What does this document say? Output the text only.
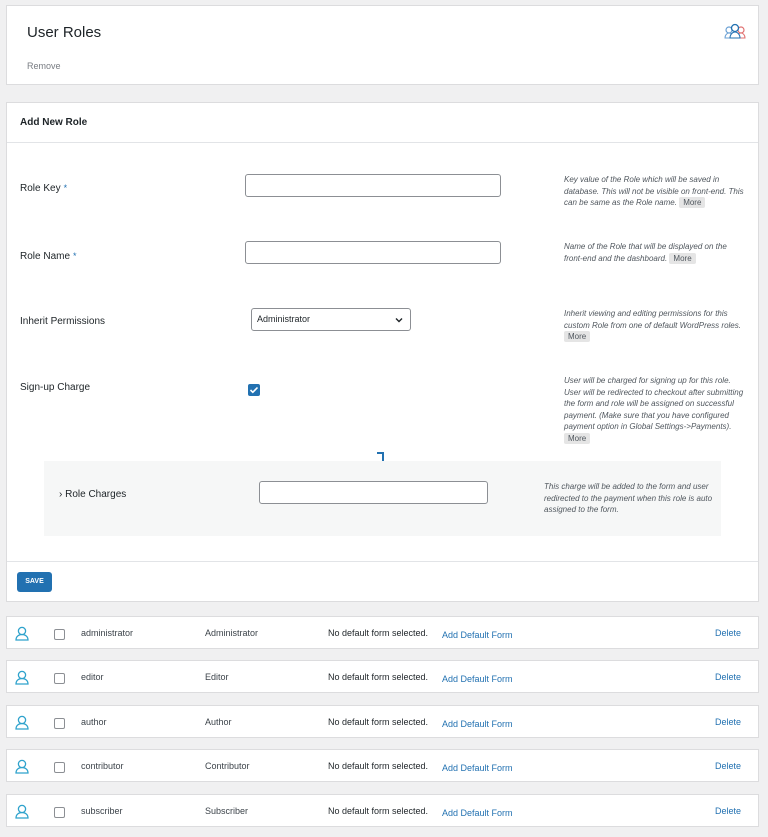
User Roles
Remove
Add New Role
Role Key *
Key value of the Role which will be saved in database. This will not be visible on front-end. This can be same as the Role name. More
Role Name *
Name of the Role that will be displayed on the front-end and the dashboard. More
Inherit Permissions	Administrator
Inherit viewing and editing permissions for this custom Role from one of default WordPress roles. More
Sign-up Charge
User will be charged for signing up for this role. User will be redirected to checkout after submitting the form and role will be assigned on successful payment. (Make sure that you have configured payment option in Global Settings->Payments). More
› Role Charges
This charge will be added to the form and user redirected to the payment when this role is auto assigned to the form.
SAVE
administrator	Administrator	No default form selected. Add Default Form	Delete
editor	Editor	No default form selected. Add Default Form	Delete
author	Author	No default form selected. Add Default Form	Delete
contributor	Contributor	No default form selected. Add Default Form	Delete
subscriber	Subscriber	No default form selected. Add Default Form	Delete
